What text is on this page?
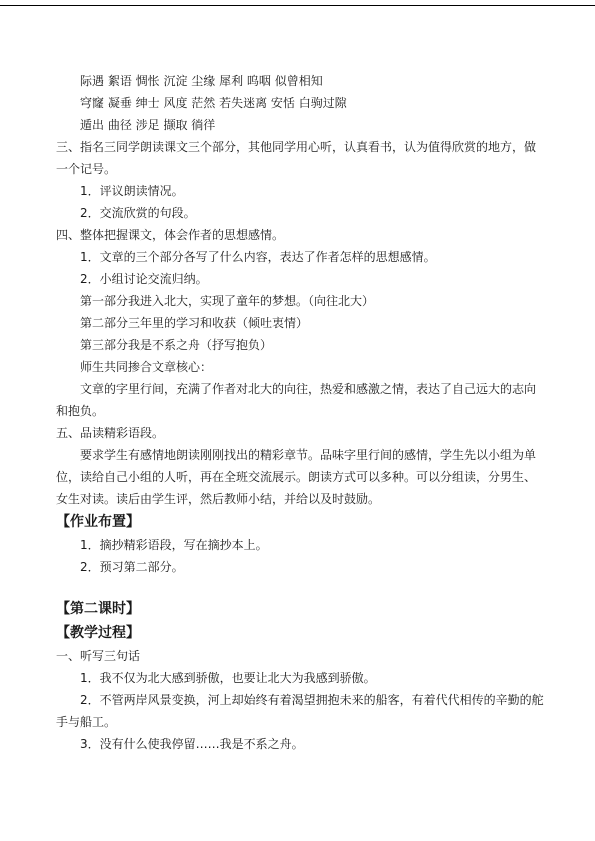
际遇 絮语 惆怅 沉淀 尘缘 犀利 呜咽 似曾相知

穹窿 凝垂 绅士 风度 茫然 若失迷离 安恬 白驹过隙

遁出 曲径 涉足 撷取 徜徉

三、指名三同学朗读课文三个部分，其他同学用心听，认真看书，认为值得欣赏的地方，做一个记号。

1．评议朗读情况。

2．交流欣赏的句段。

四、整体把握课文，体会作者的思想感情。

1．文章的三个部分各写了什么内容，表达了作者怎样的思想感情。

2．小组讨论交流归纳。

第一部分我进入北大，实现了童年的梦想。（向往北大）

第二部分三年里的学习和收获（倾吐衷情）

第三部分我是不系之舟（抒写抱负）

师生共同掺合文章核心：

文章的字里行间，充满了作者对北大的向往，热爱和感激之情，表达了自己远大的志向和抱负。

五、品读精彩语段。

要求学生有感情地朗读刚刚找出的精彩章节。品味字里行间的感情，学生先以小组为单位，读给自己小组的人听，再在全班交流展示。朗读方式可以多种。可以分组读，分男生、女生对读。读后由学生评，然后教师小结，并给以及时鼓励。

【作业布置】

1．摘抄精彩语段，写在摘抄本上。

2．预习第二部分。

【第二课时】

【教学过程】

一、听写三句话

1．我不仅为北大感到骄傲，也要让北大为我感到骄傲。

2．不管两岸风景变换，河上却始终有着渴望拥抱未来的船客，有着代代相传的辛勤的舵手与船工。

3．没有什么使我停留……我是不系之舟。
